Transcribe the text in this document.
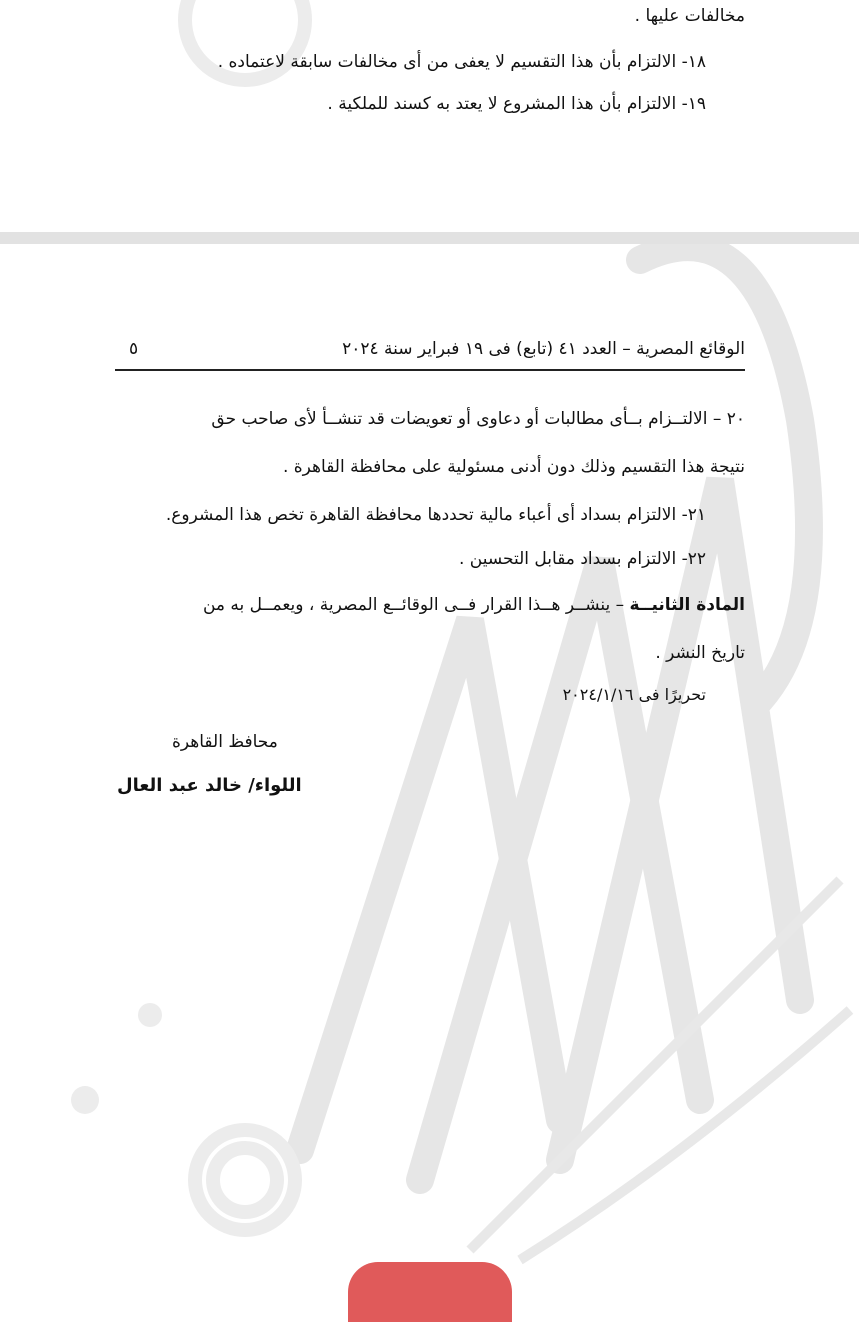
مخالفات عليها .
١٨- الالتزام بأن هذا التقسيم لا يعفى من أى مخالفات سابقة لاعتماده .
١٩- الالتزام بأن هذا المشروع لا يعتد به كسند للملكية .
الوقائع المصرية – العدد ٤١ (تابع) فى ١٩ فبراير سنة ٢٠٢٤
٥
٢٠ – الالتــزام بــأى مطالبات أو دعاوى أو تعويضات قد تنشــأ لأى صاحب حق
نتيجة هذا التقسيم وذلك دون أدنى مسئولية على محافظة القاهرة .
٢١- الالتزام بسداد أى أعباء مالية تحددها محافظة القاهرة تخص هذا المشروع.
٢٢- الالتزام بسداد مقابل التحسين .
المادة الثانيــة – ينشــر هــذا القرار فــى الوقائــع المصرية ، ويعمــل به من
تاريخ النشر .
تحريرًا فى ٢٠٢٤/١/١٦
محافظ القاهرة
اللواء/ خالد عبد العال
